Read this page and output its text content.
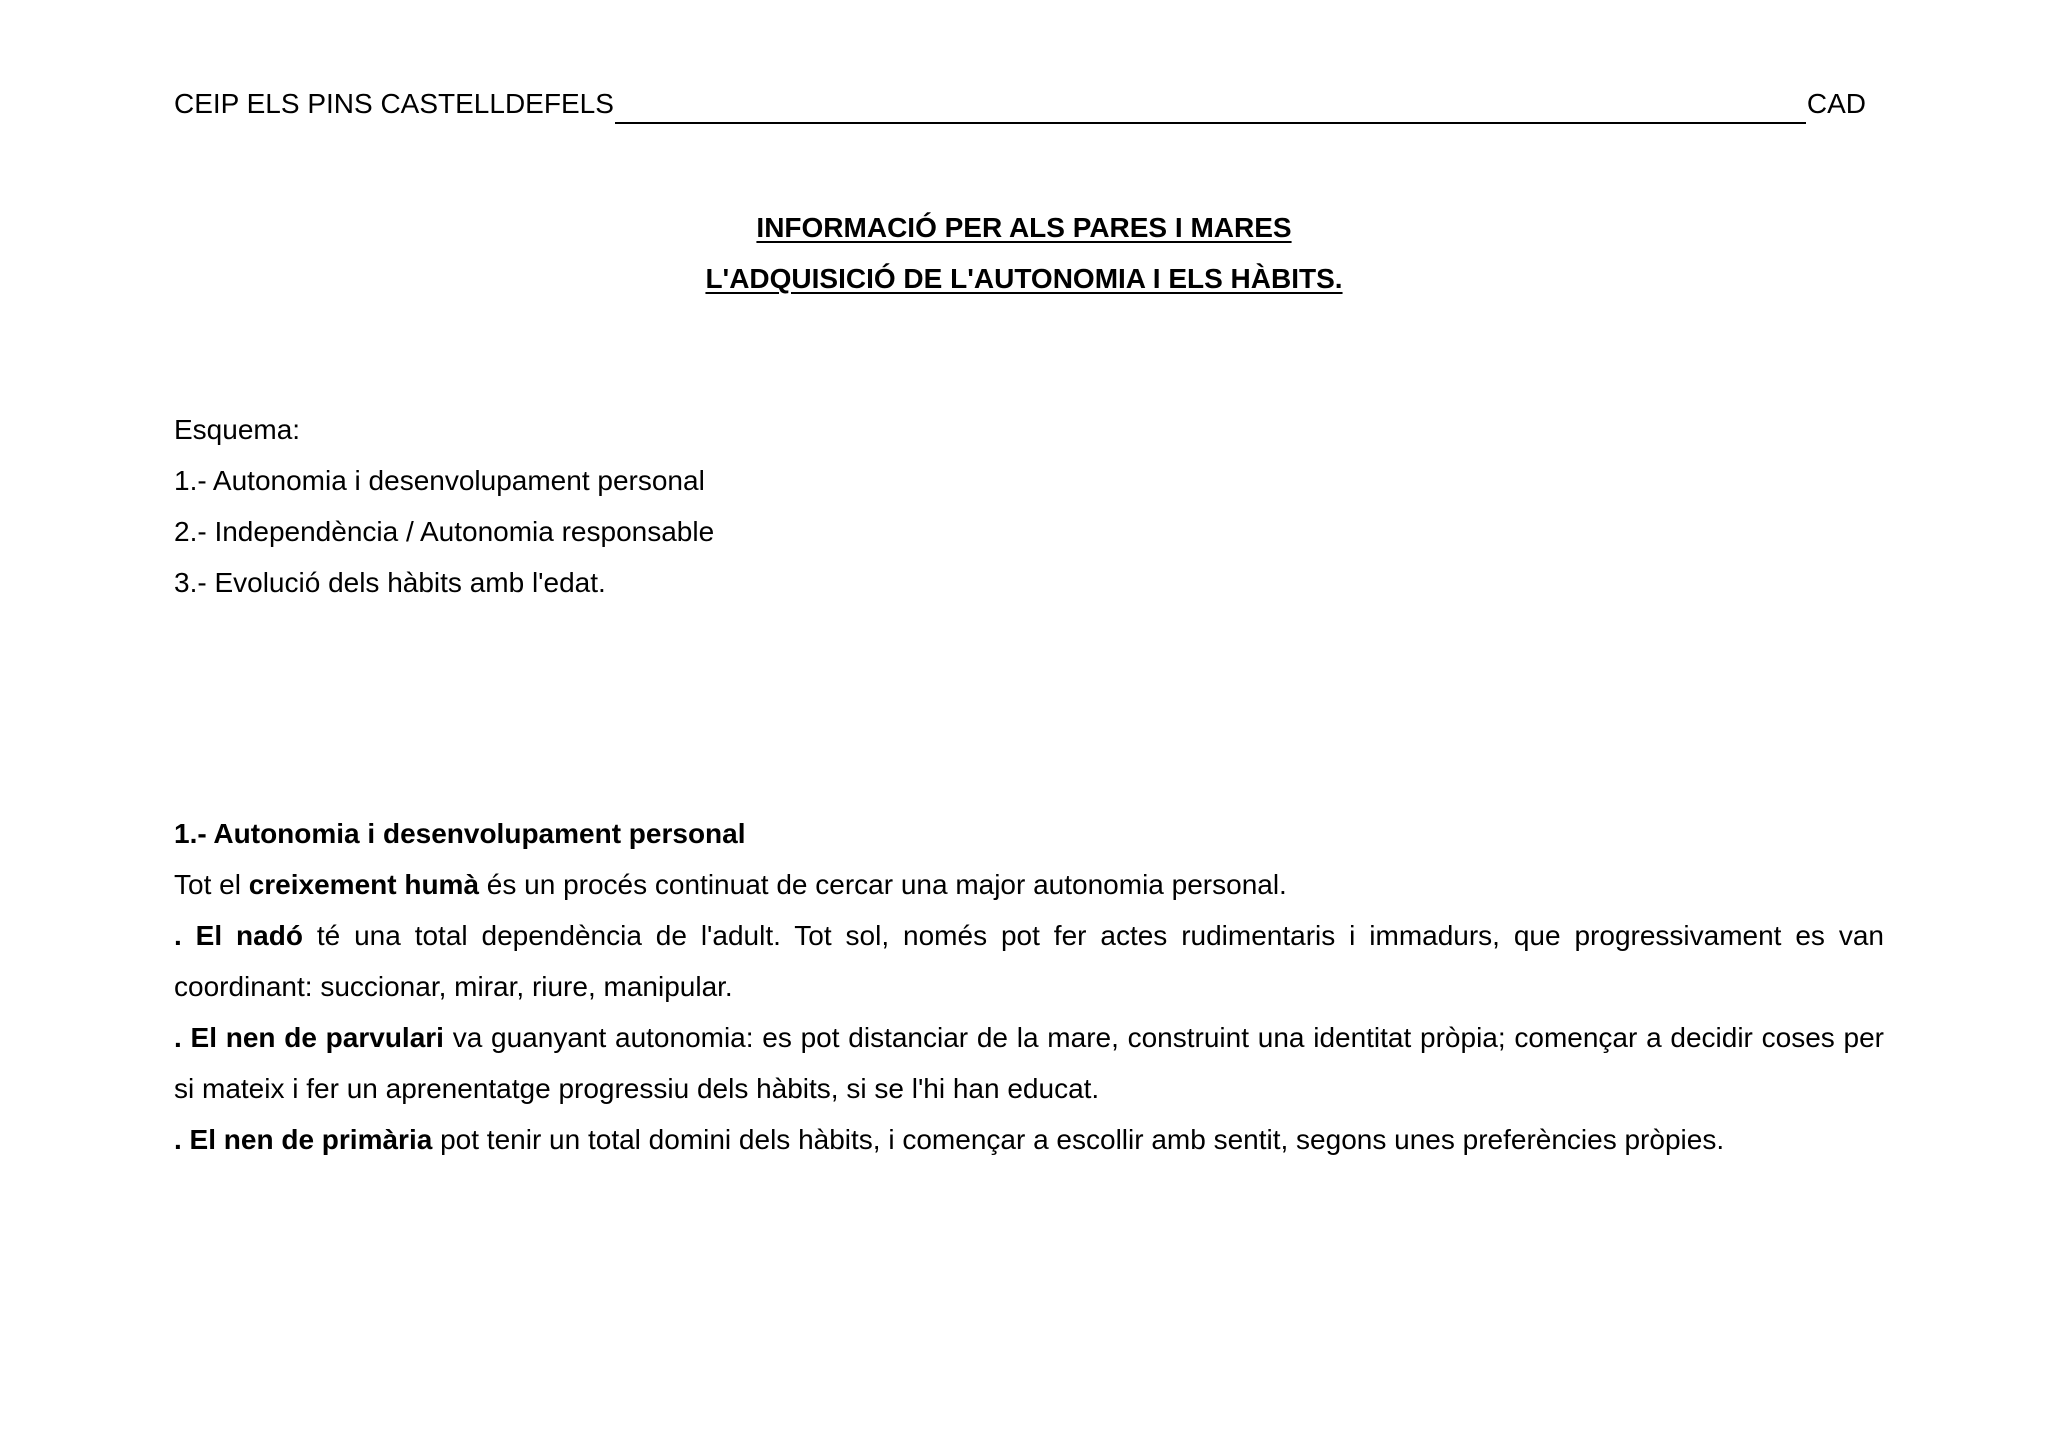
CEIP ELS PINS CASTELLDEFELS	CAD
INFORMACIÓ PER ALS PARES I MARES
L'ADQUISICIÓ DE L'AUTONOMIA I ELS HÀBITS.
Esquema:
1.- Autonomia i desenvolupament personal
2.- Independència / Autonomia responsable
3.- Evolució dels hàbits amb l'edat.

1.- Autonomia i desenvolupament personal

Tot el creixement humà és un procés continuat de cercar una major autonomia personal.

. El nadó té una total dependència de l'adult. Tot sol, només pot fer actes rudimentaris i immadurs, que progressivament es van coordinant: succionar, mirar, riure, manipular.

. El nen de parvulari va guanyant autonomia: es pot distanciar de la mare, construint una identitat pròpia; començar a decidir coses per si mateix i fer un aprenentatge progressiu dels hàbits, si se l'hi han educat.

. El nen de primària pot tenir un total domini dels hàbits, i començar a escollir amb sentit, segons unes preferències pròpies.
